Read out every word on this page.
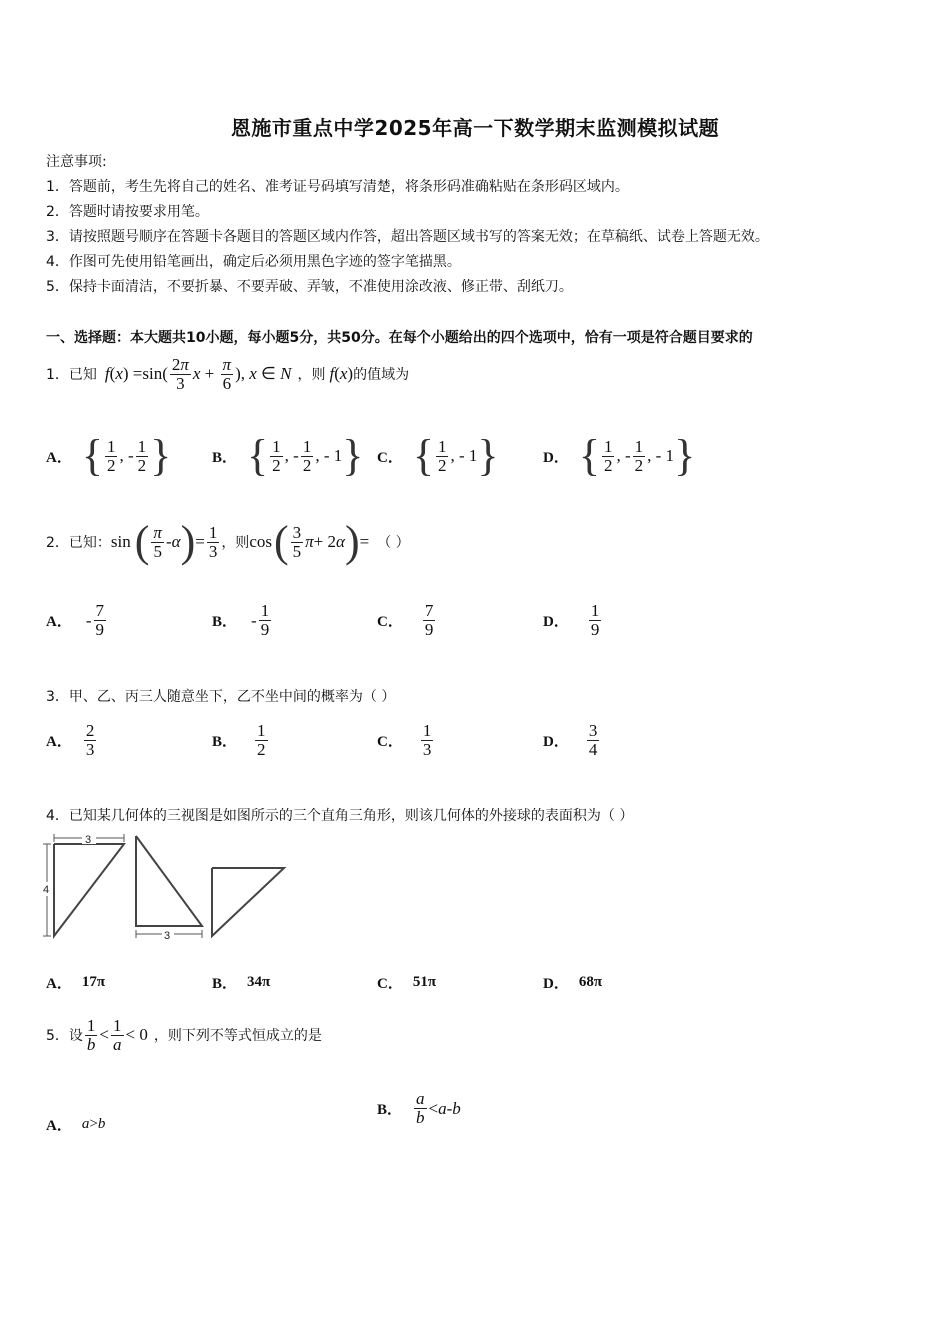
恩施市重点中学2025年高一下数学期末监测模拟试题
注意事项:
1．答题前，考生先将自己的姓名、准考证号码填写清楚，将条形码准确粘贴在条形码区域内。
2．答题时请按要求用笔。
3．请按照题号顺序在答题卡各题目的答题区域内作答，超出答题区域书写的答案无效；在草稿纸、试卷上答题无效。
4．作图可先使用铅笔画出，确定后必须用黑色字迹的签字笔描黑。
5．保持卡面清洁，不要折暴、不要弄破、弄皱，不准使用涂改液、修正带、刮纸刀。
一、选择题：本大题共10小题，每小题5分，共50分。在每个小题给出的四个选项中，恰有一项是符合题目要求的
1．已知 $f(x) =\sin( \frac{2\pi}{3}$ $x + \frac{\pi}{6}$ ), x ∈ N ，则 f(x) 的值域为
A． { $\frac{1}{2}$ , - $\frac{1}{2}$ }	B． { $\frac{1}{2}$ , - $\frac{1}{2}$ , - 1 } C． { $\frac{1}{2}$ , - 1 }	D． { $\frac{1}{2}$ , - $\frac{1}{2}$ , - 1 }
2．已知： sin ( $\frac{\pi}{5}$ - α ) = $\frac{1}{3}$ ，则 cos ( $\frac{3}{5}$ π + 2 α ) = （ ）
A． - $\frac{7}{9}$	B． - $\frac{1}{9}$	C． $\frac{7}{9}$	D． $\frac{1}{9}$
3．甲、乙、丙三人随意坐下，乙不坐中间的概率为（ ）
A． $\frac{2}{3}$	B． $\frac{1}{2}$	C． $\frac{1}{3}$	D． $\frac{3}{4}$
4．已知某几何体的三视图是如图所示的三个直角三角形，则该几何体的外接球的表面积为（ ）
3
4
3
A． 17π	B． 34π	C． 51π	D． 68π
5．设 $\frac{1}{b} < \frac{1}{a} < 0$ ，则下列不等式恒成立的是
A． a > b
B． $\frac{a}{b} < a - b$
